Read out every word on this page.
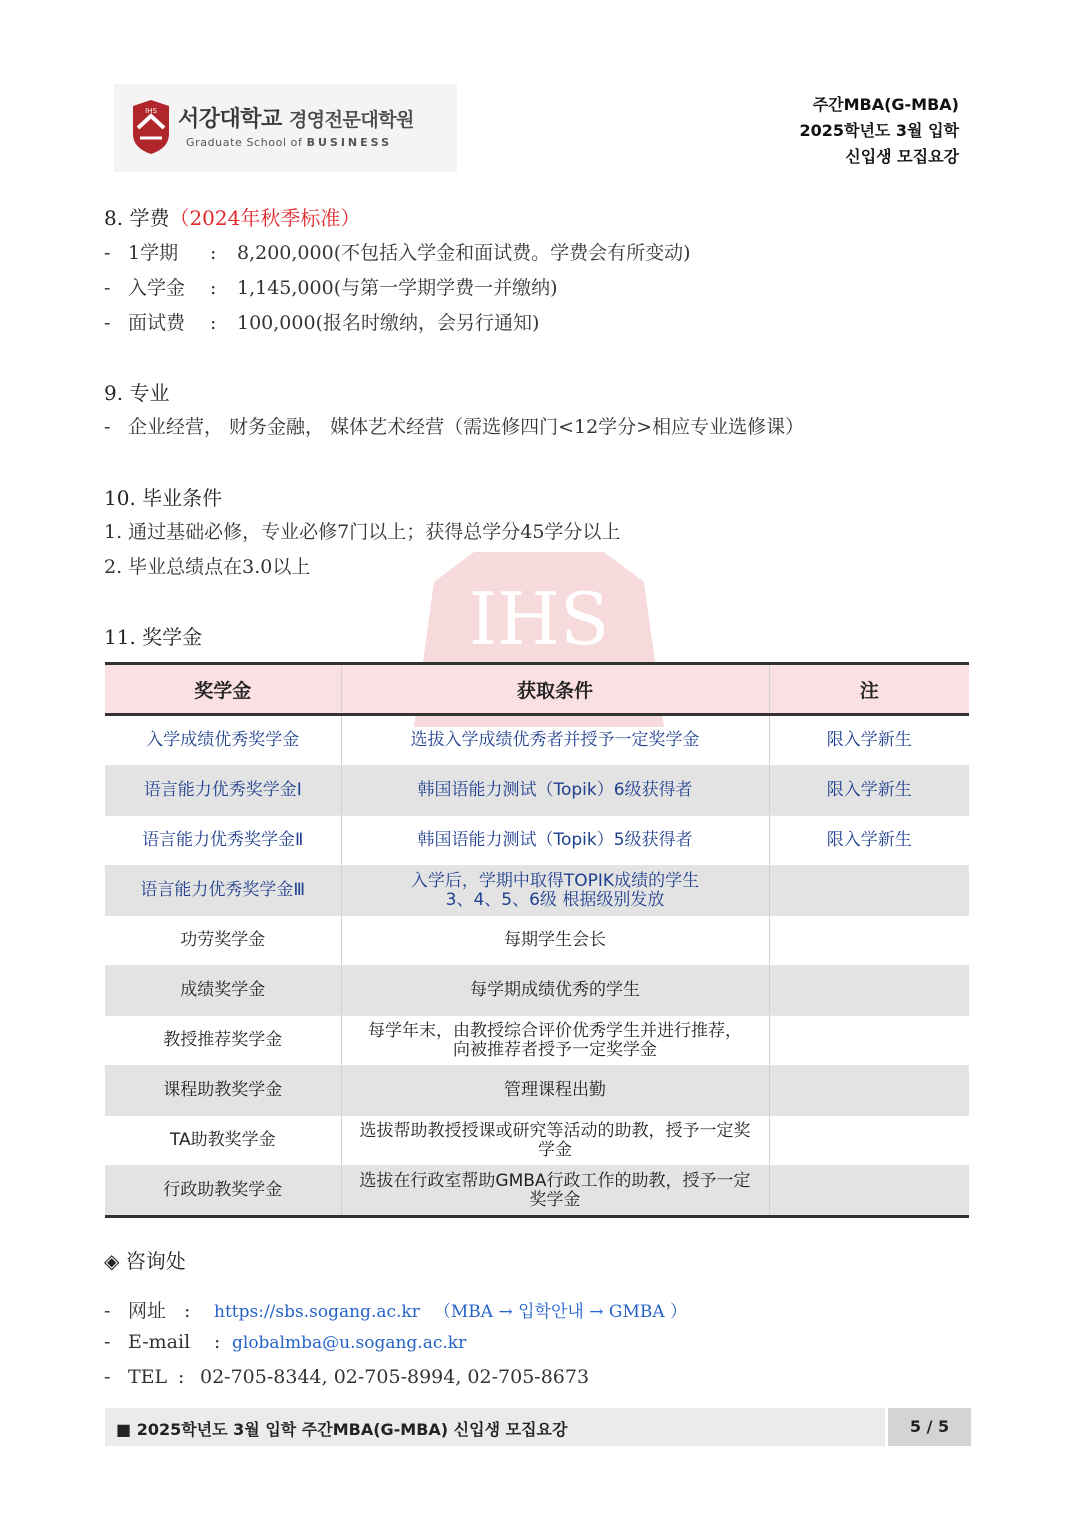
IHS 서강대학교 경영전문대학원
Graduate School of BUSINESS
주간MBA(G-MBA)
2025학년도 3월 입학
신입생 모집요강
IHS
8. 学费（2024年秋季标准）
- 1学期 : 8,200,000(不包括入学金和面试费。学费会有所变动)
- 入学金 : 1,145,000(与第一学期学费一并缴纳)
- 面试费 : 100,000(报名时缴纳，会另行通知)
9. 专业
- 企业经营， 财务金融， 媒体艺术经营（需选修四门<12学分>相应专业选修课）
10. 毕业条件
1. 通过基础必修，专业必修7门以上；获得总学分45学分以上
2. 毕业总绩点在3.0以上
11. 奖学金
奖学金	获取条件	注
入学成绩优秀奖学金	选拔入学成绩优秀者并授予一定奖学金	限入学新生
语言能力优秀奖学金Ⅰ	韩国语能力测试（Topik）6级获得者	限入学新生
语言能力优秀奖学金Ⅱ	韩国语能力测试（Topik）5级获得者	限入学新生
语言能力优秀奖学金Ⅲ	入学后，学期中取得TOPIK成绩的学生
3、4、5、6级 根据级别发放	

功劳奖学金	每期学生会长	
成绩奖学金	每学期成绩优秀的学生	
教授推荐奖学金	每学年末，由教授综合评价优秀学生并进行推荐，
向被推荐者授予一定奖学金	

课程助教奖学金	管理课程出勤	
TA助教奖学金	选拔帮助教授授课或研究等活动的助教，授予一定奖
学金	

行政助教奖学金	选拔在行政室帮助GMBA行政工作的助教，授予一定
奖学金	

◈ 咨询处
- 网址 : https://sbs.sogang.ac.kr （MBA → 입학안내 → GMBA ）
- E-mail : globalmba@u.sogang.ac.kr
- TEL : 02-705-8344, 02-705-8994, 02-705-8673
■ 2025학년도 3월 입학 주간MBA(G-MBA) 신입생 모집요강	5 / 5
